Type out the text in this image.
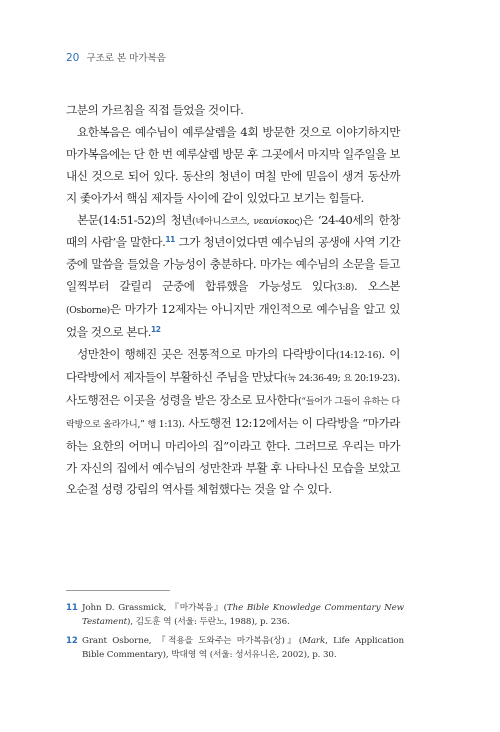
20 구조로 본 마가복음

그분의 가르침을 직접 들었을 것이다.

요한복음은 예수님이 예루살렘을 4회 방문한 것으로 이야기하지만 마가복음에는 단 한 번 예루살렘 방문 후 그곳에서 마지막 일주일을 보내신 것으로 되어 있다. 동산의 청년이 며칠 만에 믿음이 생겨 동산까지 좇아가서 핵심 제자들 사이에 같이 있었다고 보기는 힘들다.

본문(14:51-52)의 청년(네아니스코스, νεανίσκος)은 ‘24-40세의 한창 때의 사람’을 말한다.$^{11}$ 그가 청년이었다면 예수님의 공생애 사역 기간 중에 말씀을 들었을 가능성이 충분하다. 마가는 예수님의 소문을 듣고 일찍부터 갈릴리 군중에 합류했을 가능성도 있다(3:8). 오스본(Osborne)은 마가가 12제자는 아니지만 개인적으로 예수님을 알고 있었을 것으로 본다.$^{12}$

성만찬이 행해진 곳은 전통적으로 마가의 다락방이다(14:12-16). 이 다락방에서 제자들이 부활하신 주님을 만났다(눅 24:36-49; 요 20:19-23). 사도행전은 이곳을 성령을 받은 장소로 묘사한다(“들어가 그들이 유하는 다락방으로 올라가니,” 행 1:13). 사도행전 12:12에서는 이 다락방을 “마가라 하는 요한의 어머니 마리아의 집”이라고 한다. 그러므로 우리는 마가가 자신의 집에서 예수님의 성만찬과 부활 후 나타나신 모습을 보았고 오순절 성령 강림의 역사를 체험했다는 것을 알 수 있다.

11 John D. Grassmick, 『마가복음』(The Bible Knowledge Commentary New Testament), 김도훈 역 (서울: 두란노, 1988), p. 236.
12 Grant Osborne, 『적용을 도와주는 마가복음(상)』(Mark, Life Application Bible Commentary), 박대영 역 (서울: 성서유니온, 2002), p. 30.
